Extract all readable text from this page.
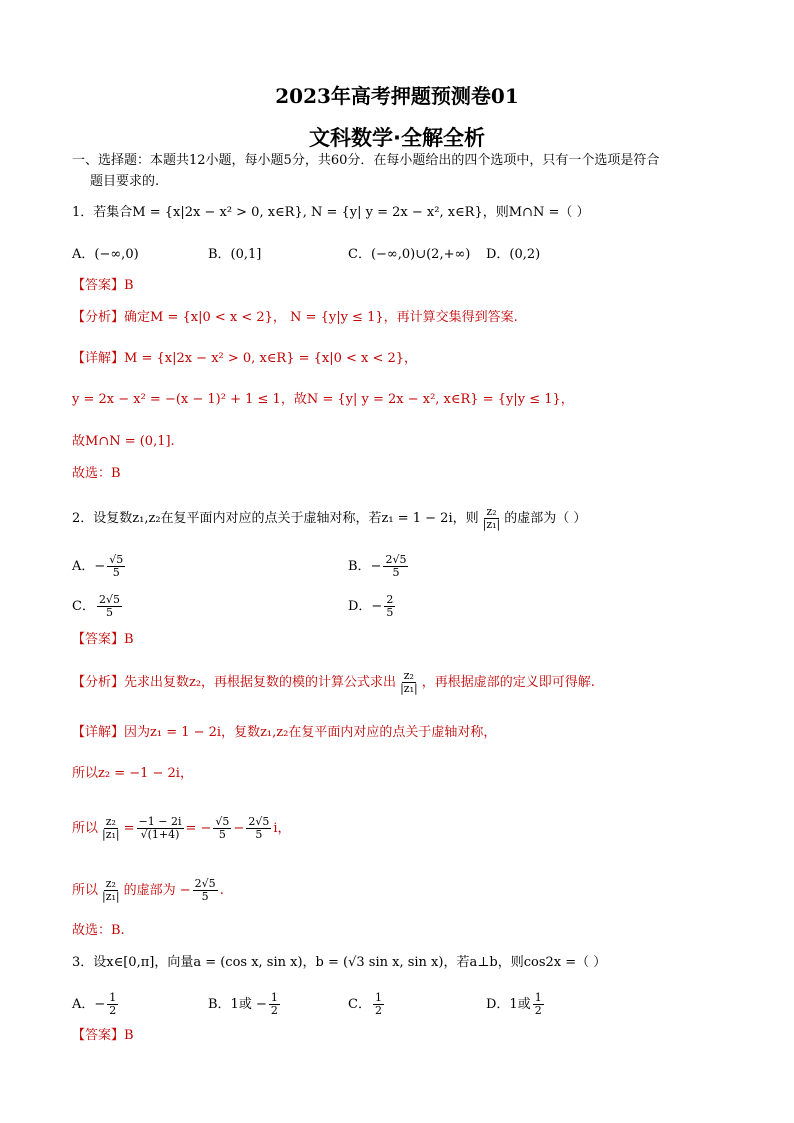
2023年高考押题预测卷01
文科数学·全解全析
一、选择题：本题共12小题，每小题5分，共60分．在每小题给出的四个选项中，只有一个选项是符合
题目要求的.
1．若集合M = {x|2x − x² > 0, x∈R}, N = {y| y = 2x − x², x∈R}，则M∩N =（ ）
A．(−∞,0)	B．(0,1]	C．(−∞,0)∪(2,+∞) D．(0,2)
【答案】B
【分析】确定M = {x|0 < x < 2}， N = {y|y ≤ 1}，再计算交集得到答案.
【详解】M = {x|2x − x² > 0, x∈R} = {x|0 < x < 2}，
y = 2x − x² = −(x − 1)² + 1 ≤ 1，故N = {y| y = 2x − x², x∈R} = {y|y ≤ 1}，
故M∩N = (0,1].
故选：B
2．设复数z₁,z₂在复平面内对应的点关于虚轴对称，若z₁ = 1 − 2i，则 $\frac{\text{z₂}}{\text{|z₁|}}$ 的虚部为（ ）
A．− $\frac{√5}{5}$	B．− $\frac{2√5}{5}$
C． $\frac{2√5}{5}$	D．− $\frac{2}{5}$
【答案】B
【分析】先求出复数z₂，再根据复数的模的计算公式求出 $\frac{\text{z₂}}{\text{|z₁|}}$ ，再根据虚部的定义即可得解.
【详解】因为z₁ = 1 − 2i，复数z₁,z₂在复平面内对应的点关于虚轴对称，
所以z₂ = −1 − 2i，
所以 $\frac{\text{z₂}}{\text{|z₁|}} = \frac{-1 - 2i}{√(1+4)}$ = − $\frac{√5}{5} - \frac{2√5}{5}$ i，
所以 $\frac{\text{z₂}}{\text{|z₁|}}$ 的虚部为 − $\frac{2√5}{5}$ .
故选：B.
3．设x∈[0,π]，向量a = (cos x, sin x)，b = (√3 sin x, sin x)，若a⊥b，则cos2x =（ ）
A．− $\frac{1}{2}$	B．1或 − $\frac{1}{2}$	C． $\frac{1}{2}$	D．1或 $\frac{1}{2}$
【答案】B
